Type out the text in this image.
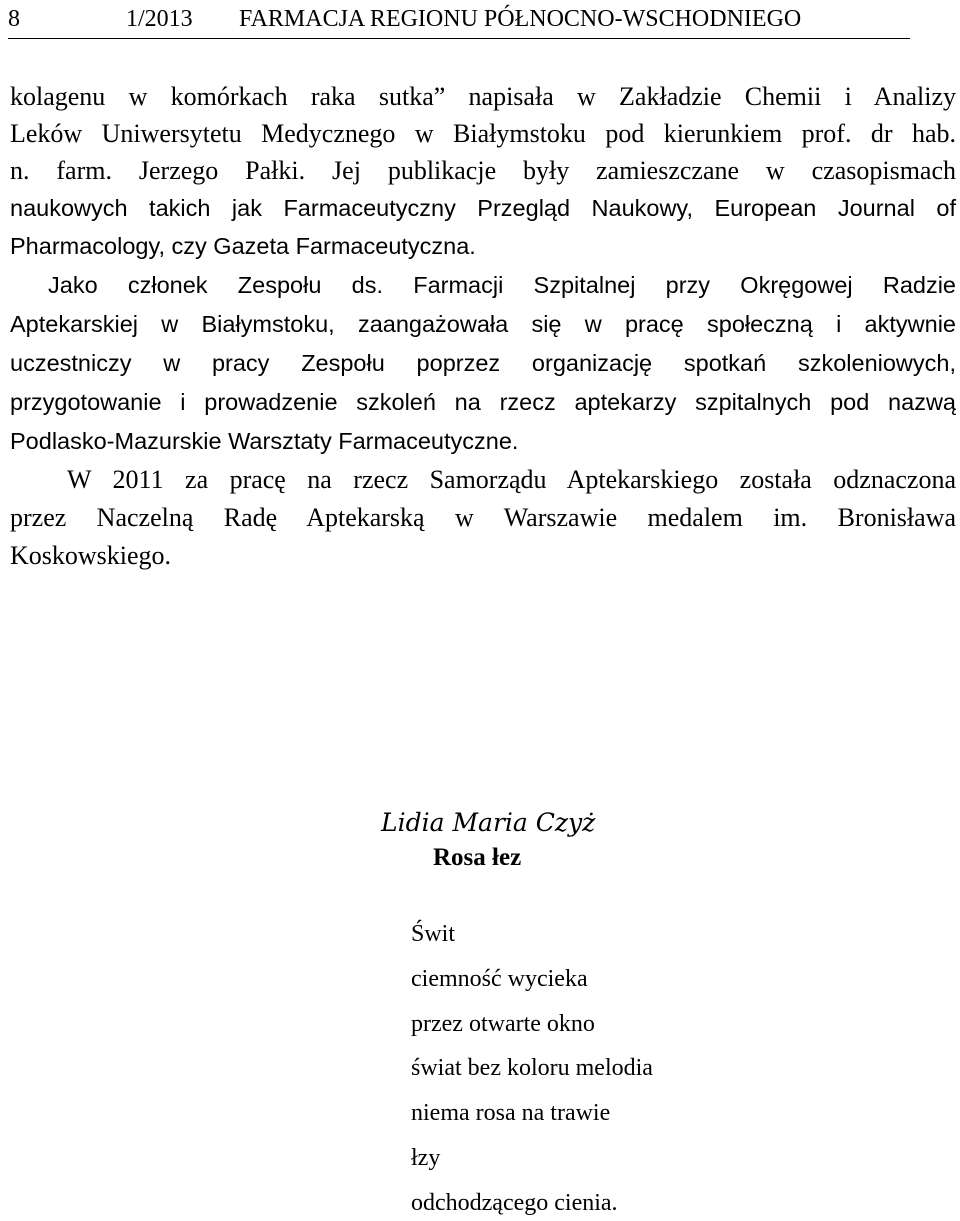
8	1/2013 FARMACJA REGIONU PÓŁNOCNO-WSCHODNIEGO
kolagenu w komórkach raka sutka” napisała w Zakładzie Chemii i Analizy
Leków Uniwersytetu Medycznego w Białymstoku pod kierunkiem prof. dr hab.
n. farm. Jerzego Pałki. Jej publikacje były zamieszczane w czasopismach
naukowych takich jak Farmaceutyczny Przegląd Naukowy, European Journal of
Pharmacology, czy Gazeta Farmaceutyczna.
Jako członek Zespołu ds. Farmacji Szpitalnej przy Okręgowej Radzie
Aptekarskiej w Białymstoku, zaangażowała się w pracę społeczną i aktywnie
uczestniczy w pracy Zespołu poprzez organizację spotkań szkoleniowych,
przygotowanie i prowadzenie szkoleń na rzecz aptekarzy szpitalnych pod nazwą
Podlasko-Mazurskie Warsztaty Farmaceutyczne.
W 2011 za pracę na rzecz Samorządu Aptekarskiego została odznaczona
przez Naczelną Radę Aptekarską w Warszawie medalem im. Bronisława
Koskowskiego.
Lidia Maria Czyż
Rosa łez
Świt
ciemność wycieka
przez otwarte okno
świat bez koloru melodia
niema rosa na trawie
łzy
odchodzącego cienia.
